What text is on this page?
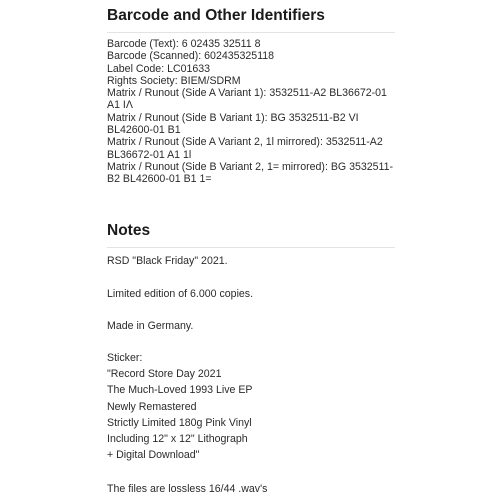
Barcode and Other Identifiers
Barcode (Text): 6 02435 32511 8
Barcode (Scanned): 602435325118
Label Code: LC01633
Rights Society: BIEM/SDRM
Matrix / Runout (Side A Variant 1): 3532511-A2 BL36672-01 A1 IΛ
Matrix / Runout (Side B Variant 1): BG 3532511-B2 VI BL42600-01 B1
Matrix / Runout (Side A Variant 2, 1l mirrored): 3532511-A2 BL36672-01 A1 1l
Matrix / Runout (Side B Variant 2, 1= mirrored): BG 3532511-B2 BL42600-01 B1 1=
Notes

RSD "Black Friday" 2021.

Limited edition of 6.000 copies.

Made in Germany.

Sticker:
"Record Store Day 2021
The Much-Loved 1993 Live EP
Newly Remastered
Strictly Limited 180g Pink Vinyl
Including 12" x 12" Lithograph
+ Digital Download"

The files are lossless 16/44 .wav's
